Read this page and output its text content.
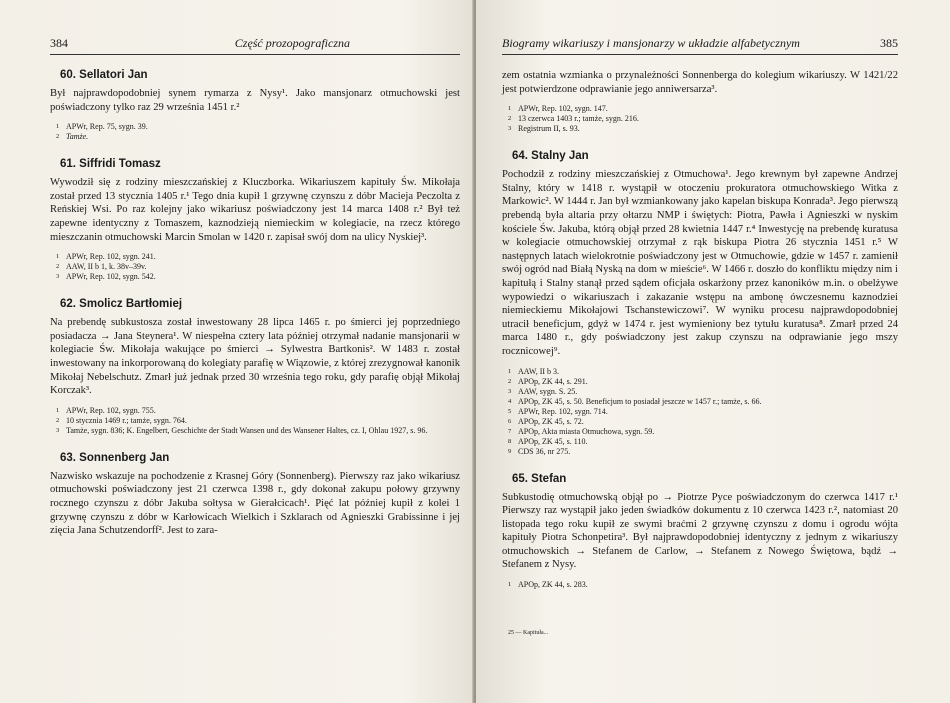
384	Część prozopograficzna
60. Sellatori Jan

Był najprawdopodobniej synem rymarza z Nysy¹. Jako mansjonarz otmuchowski jest poświadczony tylko raz 29 września 1451 r.²

1 APWr, Rep. 75, sygn. 39.
2 Tamże.
61. Siffridi Tomasz

Wywodził się z rodziny mieszczańskiej z Kluczborka. Wikariuszem kapituły Św. Mikołaja został przed 13 stycznia 1405 r.¹ Tego dnia kupił 1 grzywnę czynszu z dóbr Macieja Peczolta z Reńskiej Wsi. Po raz kolejny jako wikariusz poświadczony jest 14 marca 1408 r.² Był też zapewne identyczny z Tomaszem, kaznodzieją niemieckim w kolegiacie, na rzecz którego mieszczanin otmuchowski Marcin Smolan w 1420 r. zapisał swój dom na ulicy Nyskiej³.

1 APWr, Rep. 102, sygn. 241.
2 AAW, II b 1, k. 38v–39v.
3 APWr, Rep. 102, sygn. 542.
62. Smolicz Bartłomiej

Na prebendę subkustosza został inwestowany 28 lipca 1465 r. po śmierci jej poprzedniego posiadacza → Jana Steynera¹. W niespełna cztery lata później otrzymał nadanie mansjonarii w kolegiacie Św. Mikołaja wakujące po śmierci → Sylwestra Bartkonis². W 1483 r. został inwestowany na inkorporowaną do kolegiaty parafię w Wiązowie, z której zrezygnował kanonik Mikołaj Nebelschutz. Zmarł już jednak przed 30 września tego roku, gdy parafię objął Mikołaj Korczak³.

1 APWr, Rep. 102, sygn. 755.
2 10 stycznia 1469 r.; tamże, sygn. 764.
3 Tamże, sygn. 836; K. Engelbert, Geschichte der Stadt Wansen und des Wansener Haltes, cz. I, Ohlau 1927, s. 96.
63. Sonnenberg Jan

Nazwisko wskazuje na pochodzenie z Krasnej Góry (Sonnenberg). Pierwszy raz jako wikariusz otmuchowski poświadczony jest 21 czerwca 1398 r., gdy dokonał zakupu połowy grzywny rocznego czynszu z dóbr Jakuba sołtysa w Gierałcicach¹. Pięć lat później kupił z kolei 1 grzywnę czynszu z dóbr w Karłowicach Wielkich i Szklarach od Agnieszki Grabissinne i jej zięcia Jana Schutzendorff². Jest to zara-

Biogramy wikariuszy i mansjonarzy w układzie alfabetycznym	385

zem ostatnia wzmianka o przynależności Sonnenberga do kolegium wikariuszy. W 1421/22 jest potwierdzone odprawianie jego anniwersarza³.

1 APWr, Rep. 102, sygn. 147.
2 13 czerwca 1403 r.; tamże, sygn. 216.
3 Registrum II, s. 93.
64. Stalny Jan

Pochodził z rodziny mieszczańskiej z Otmuchowa¹. Jego krewnym był zapewne Andrzej Stalny, który w 1418 r. wystąpił w otoczeniu prokuratora otmuchowskiego Witka z Markowic². W 1444 r. Jan był wzmiankowany jako kapelan biskupa Konrada³. Jego pierwszą prebendą była altaria przy ołtarzu NMP i świętych: Piotra, Pawła i Agnieszki w nyskim kościele Św. Jakuba, którą objął przed 28 kwietnia 1447 r.⁴ Inwestycję na prebendę kuratusa w kolegiacie otmuchowskiej otrzymał z rąk biskupa Piotra 26 stycznia 1451 r.⁵ W następnych latach wielokrotnie poświadczony jest w Otmuchowie, gdzie w 1457 r. zamienił swój ogród nad Białą Nyską na dom w mieście⁶. W 1466 r. doszło do konfliktu między nim i kapitułą i Stalny stanął przed sądem oficjała oskarżony przez kanoników m.in. o obelżywe wypowiedzi o wikariuszach i zakazanie wstępu na ambonę ówczesnemu kaznodziei niemieckiemu Mikołajowi Tschanstewiczowi⁷. W wyniku procesu najprawdopodobniej utracił beneficjum, gdyż w 1474 r. jest wymieniony bez tytułu kuratusa⁸. Zmarł przed 24 marca 1480 r., gdy poświadczony jest zakup czynszu na odprawianie jego mszy rocznicowej⁹.

1 AAW, II b 3.
2 APOp, ZK 44, s. 291.
3 AAW, sygn. S. 25.
4 APOp, ZK 45, s. 50. Beneficjum to posiadał jeszcze w 1457 r.; tamże, s. 66.
5 APWr, Rep. 102, sygn. 714.
6 APOp, ZK 45, s. 72.
7 APOp, Akta miasta Otmuchowa, sygn. 59.
8 APOp, ZK 45, s. 110.
9 CDS 36, nr 275.
65. Stefan

Subkustodię otmuchowską objął po → Piotrze Pyce poświadczonym do czerwca 1417 r.¹ Pierwszy raz wystąpił jako jeden świadków dokumentu z 10 czerwca 1423 r.², natomiast 20 listopada tego roku kupił ze swymi braćmi 2 grzywnę czynszu z domu i ogrodu wójta kapituły Piotra Schonpetira³. Był najprawdopodobniej identyczny z jednym z wikariuszy otmuchowskich → Stefanem de Carlow, → Stefanem z Nowego Świętowa, bądź → Stefanem z Nysy.

1 APOp, ZK 44, s. 283.
25 — Kapituła...
